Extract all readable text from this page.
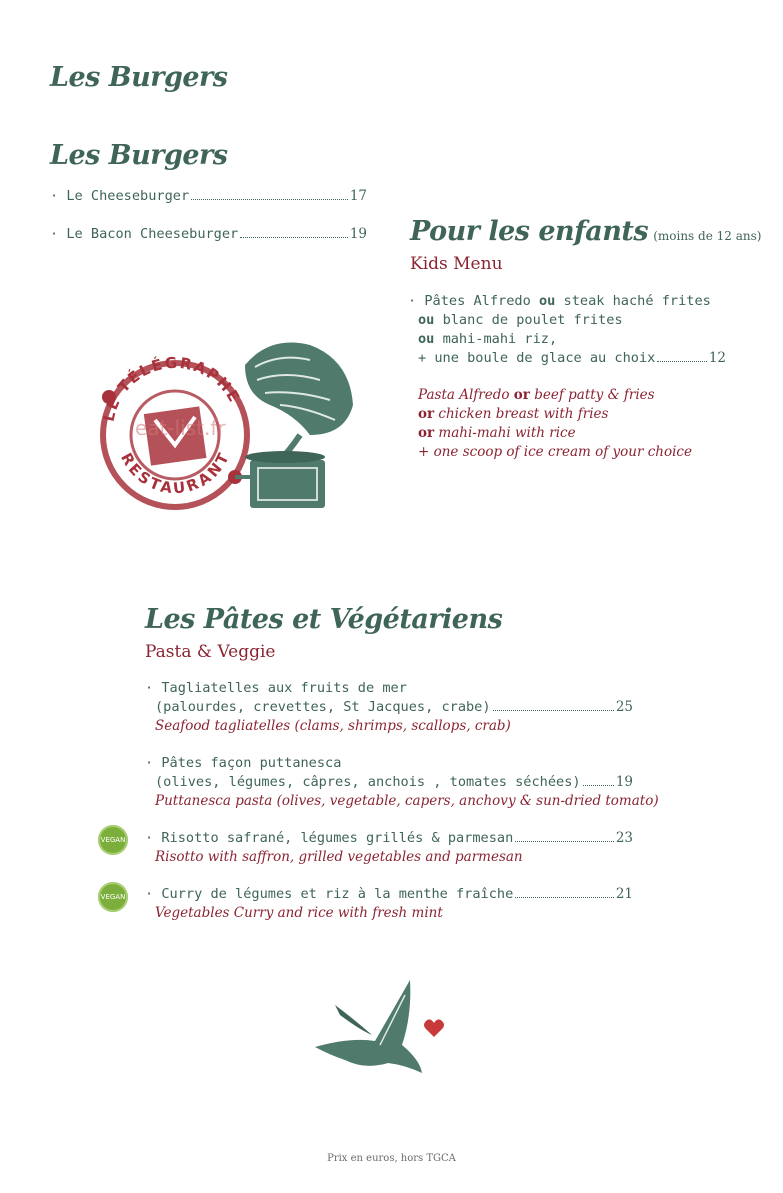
Les Burgers
Les Burgers
· Le Cheeseburger	17
· Le Bacon Cheeseburger	19 Pour les enfants (moins de 12 ans)
Kids Menu
· Pâtes Alfredo ou steak haché frites
ou blanc de poulet frites
ou mahi-mahi riz,
+ une boule de glace au choix	12
Pasta Alfredo or beef patty & fries
or chicken breast with fries
or mahi-mahi with rice
+ one scoop of ice cream of your choice
LE TÉLÉGRAPHE
RESTAURANT
eat-list.fr
Les Pâtes et Végétariens
Pasta & Veggie
· Tagliatelles aux fruits de mer
(palourdes, crevettes, St Jacques, crabe)	25
Seafood tagliatelles (clams, shrimps, scallops, crab)
· Pâtes façon puttanesca
(olives, légumes, câpres, anchois , tomates séchées)	19
Puttanesca pasta (olives, vegetable, capers, anchovy & sun-dried tomato)
VEGAN · Risotto safrané, légumes grillés & parmesan	23
Risotto with saffron, grilled vegetables and parmesan
VEGAN · Curry de légumes et riz à la menthe fraîche	21
Vegetables Curry and rice with fresh mint
Prix en euros, hors TGCA
